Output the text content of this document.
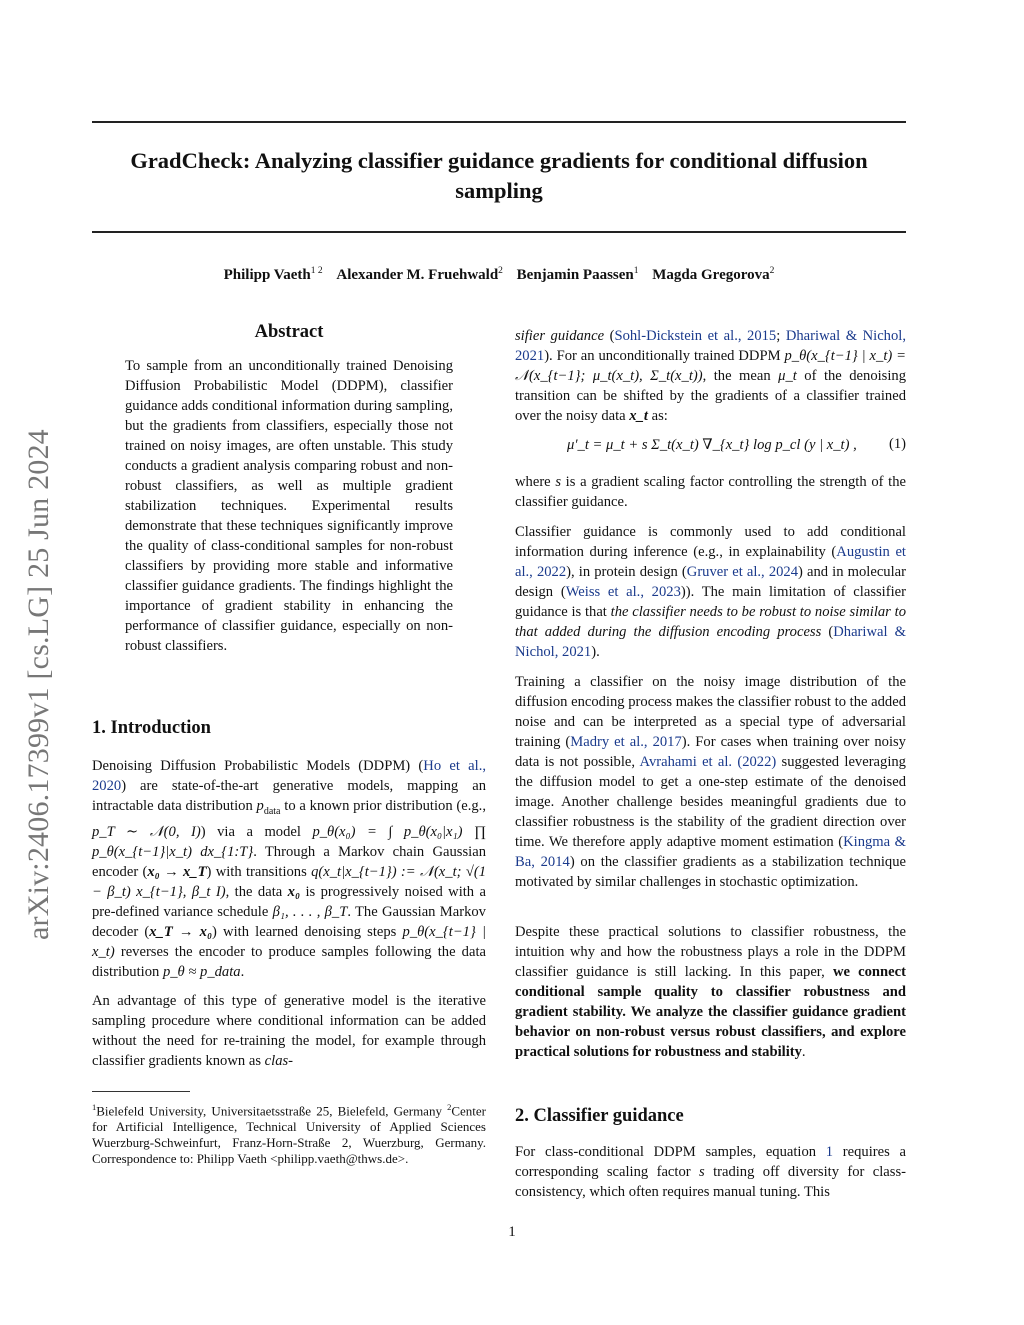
GradCheck: Analyzing classifier guidance gradients for conditional diffusion sampling
Philipp Vaeth$^{1 2}$ Alexander M. Fruehwald$^2$ Benjamin Paassen$^1$ Magda Gregorova$^2$
arXiv:2406.17399v1 [cs.LG] 25 Jun 2024
Abstract

To sample from an unconditionally trained Denoising Diffusion Probabilistic Model (DDPM), classifier guidance adds conditional information during sampling, but the gradients from classifiers, especially those not trained on noisy images, are often unstable. This study conducts a gradient analysis comparing robust and non-robust classifiers, as well as multiple gradient stabilization techniques. Experimental results demonstrate that these techniques significantly improve the quality of class-conditional samples for non-robust classifiers by providing more stable and informative classifier guidance gradients. The findings highlight the importance of gradient stability in enhancing the performance of classifier guidance, especially on non-robust classifiers.

1. Introduction

Denoising Diffusion Probabilistic Models (DDPM) (Ho et al., 2020) are state-of-the-art generative models, mapping an intractable data distribution $p_{data}$ to a known prior distribution (e.g., p_T ∼ 𝒩(0, I)) via a model p_θ(x₀) = ∫ p_θ(x₀|x₁) ∏ p_θ(x_{t−1}|x_t) dx_{1:T}. Through a Markov chain Gaussian encoder (x₀ → x_T) with transitions q(x_t|x_{t−1}) := 𝒩(x_t; √(1 − β_t) x_{t−1}, β_t I), the data x₀ is progressively noised with a pre-defined variance schedule β₁, . . . , β_T. The Gaussian Markov decoder (x_T → x₀) with learned denoising steps p_θ(x_{t−1} | x_t) reverses the encoder to produce samples following the data distribution p_θ ≈ p_data.

An advantage of this type of generative model is the iterative sampling procedure where conditional information can be added without the need for re-training the model, for example through classifier gradients known as clas-

$^1$Bielefeld University, Universitaetsstraße 25, Bielefeld, Germany $^2$Center for Artificial Intelligence, Technical University of Applied Sciences Wuerzburg-Schweinfurt, Franz-Horn-Straße 2, Wuerzburg, Germany. Correspondence to: Philipp Vaeth <philipp.vaeth@thws.de>.

sifier guidance (Sohl-Dickstein et al., 2015; Dhariwal & Nichol, 2021). For an unconditionally trained DDPM p_θ(x_{t−1} | x_t) = 𝒩(x_{t−1}; μ_t(x_t), Σ_t(x_t)), the mean μ_t of the denoising transition can be shifted by the gradients of a classifier trained over the noisy data x_t as:

μ′_t = μ_t + s Σ_t(x_t) ∇_{x_t} log p_cl (y | x_t) , (1)

where s is a gradient scaling factor controlling the strength of the classifier guidance.

Classifier guidance is commonly used to add conditional information during inference (e.g., in explainability (Augustin et al., 2022), in protein design (Gruver et al., 2024) and in molecular design (Weiss et al., 2023)). The main limitation of classifier guidance is that the classifier needs to be robust to noise similar to that added during the diffusion encoding process (Dhariwal & Nichol, 2021).

Training a classifier on the noisy image distribution of the diffusion encoding process makes the classifier robust to the added noise and can be interpreted as a special type of adversarial training (Madry et al., 2017). For cases when training over noisy data is not possible, Avrahami et al. (2022) suggested leveraging the diffusion model to get a one-step estimate of the denoised image. Another challenge besides meaningful gradients due to classifier robustness is the stability of the gradient direction over time. We therefore apply adaptive moment estimation (Kingma & Ba, 2014) on the classifier gradients as a stabilization technique motivated by similar challenges in stochastic optimization.

Despite these practical solutions to classifier robustness, the intuition why and how the robustness plays a role in the DDPM classifier guidance is still lacking. In this paper, we connect conditional sample quality to classifier robustness and gradient stability. We analyze the classifier guidance gradient behavior on non-robust versus robust classifiers, and explore practical solutions for robustness and stability.

2. Classifier guidance

For class-conditional DDPM samples, equation 1 requires a corresponding scaling factor s trading off diversity for class-consistency, which often requires manual tuning. This

1
